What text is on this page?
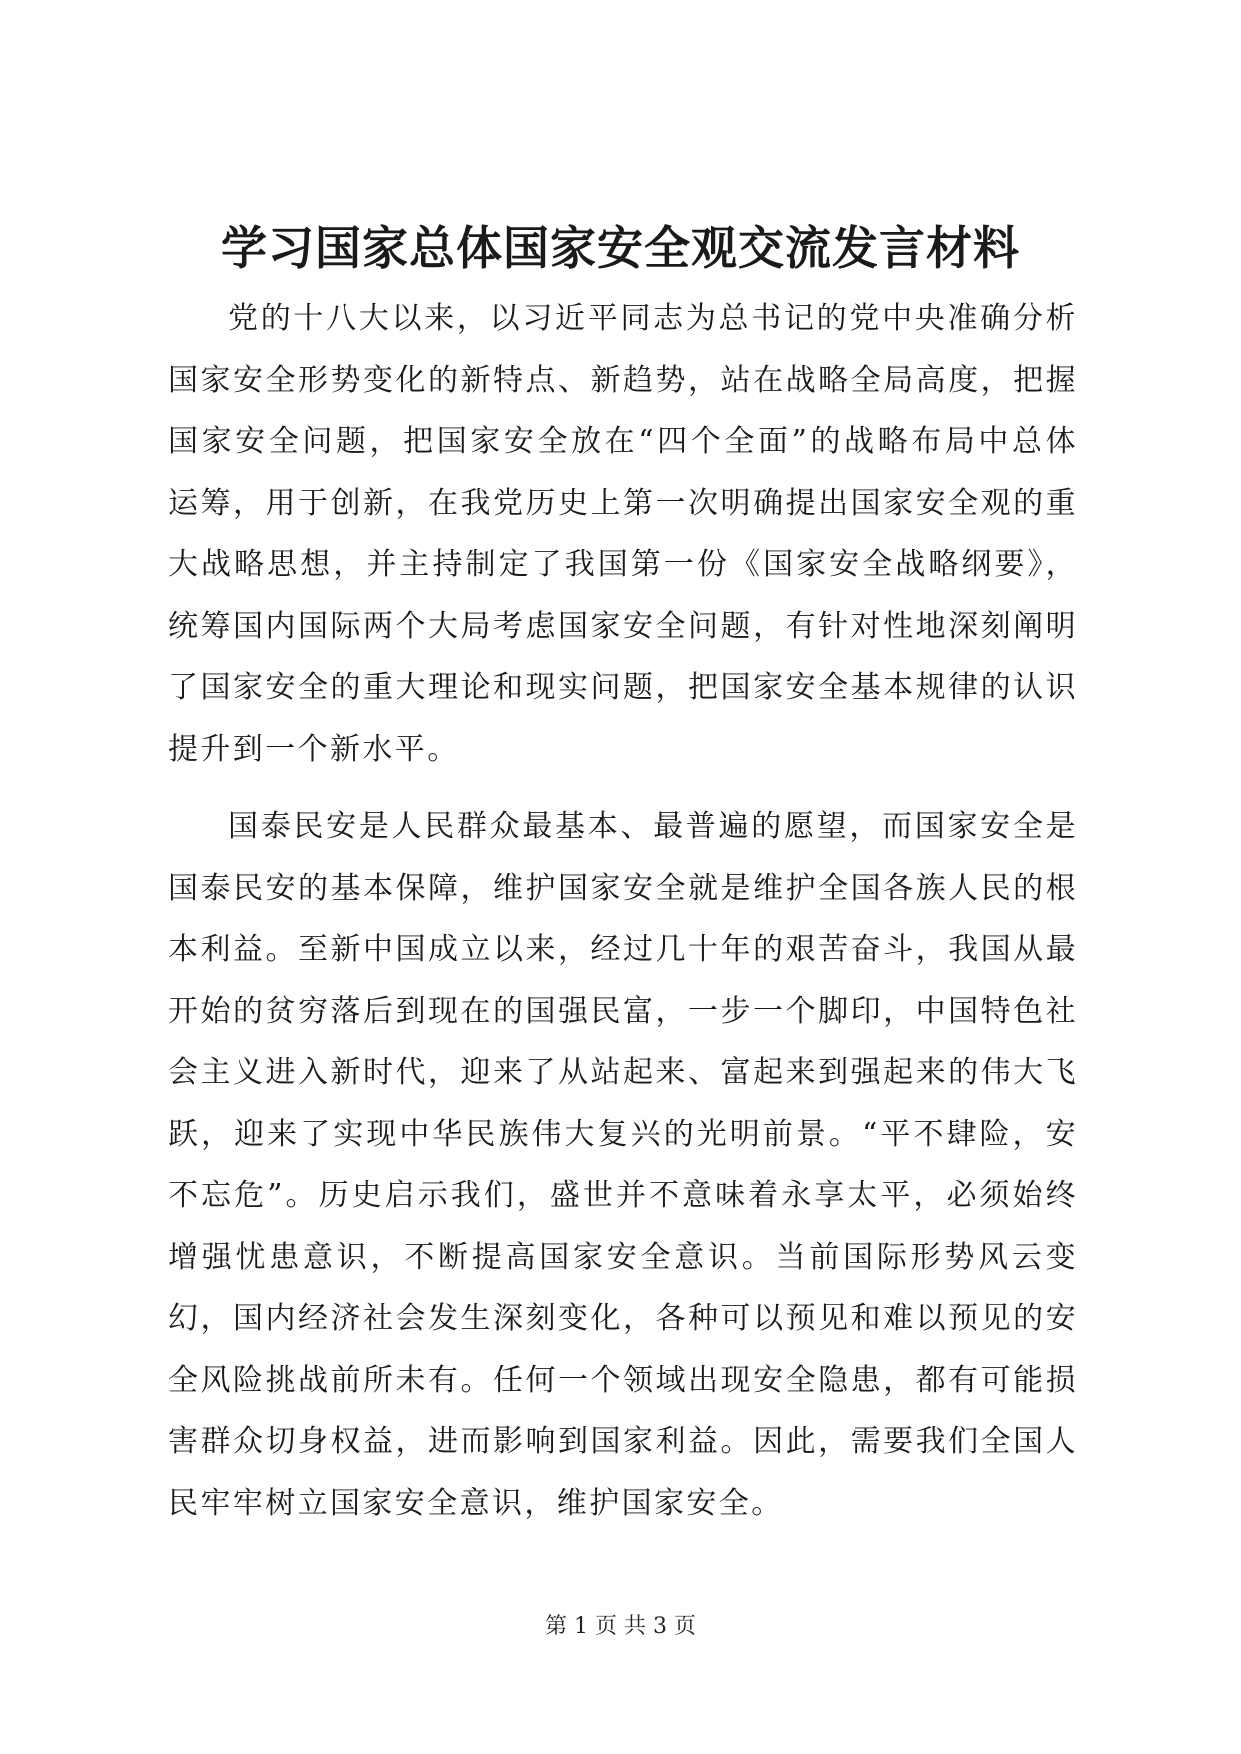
学习国家总体国家安全观交流发言材料

党的十八大以来，以习近平同志为总书记的党中央准确分析国家安全形势变化的新特点、新趋势，站在战略全局高度，把握国家安全问题，把国家安全放在“四个全面”的战略布局中总体运筹，用于创新，在我党历史上第一次明确提出国家安全观的重大战略思想，并主持制定了我国第一份《国家安全战略纲要》，统筹国内国际两个大局考虑国家安全问题，有针对性地深刻阐明了国家安全的重大理论和现实问题，把国家安全基本规律的认识提升到一个新水平。

国泰民安是人民群众最基本、最普遍的愿望，而国家安全是国泰民安的基本保障，维护国家安全就是维护全国各族人民的根本利益。至新中国成立以来，经过几十年的艰苦奋斗，我国从最开始的贫穷落后到现在的国强民富，一步一个脚印，中国特色社会主义进入新时代，迎来了从站起来、富起来到强起来的伟大飞跃，迎来了实现中华民族伟大复兴的光明前景。“平不肆险，安不忘危”。历史启示我们，盛世并不意味着永享太平，必须始终增强忧患意识，不断提高国家安全意识。当前国际形势风云变幻，国内经济社会发生深刻变化，各种可以预见和难以预见的安全风险挑战前所未有。任何一个领域出现安全隐患，都有可能损害群众切身权益，进而影响到国家利益。因此，需要我们全国人民牢牢树立国家安全意识，维护国家安全。

第 1 页 共 3 页
